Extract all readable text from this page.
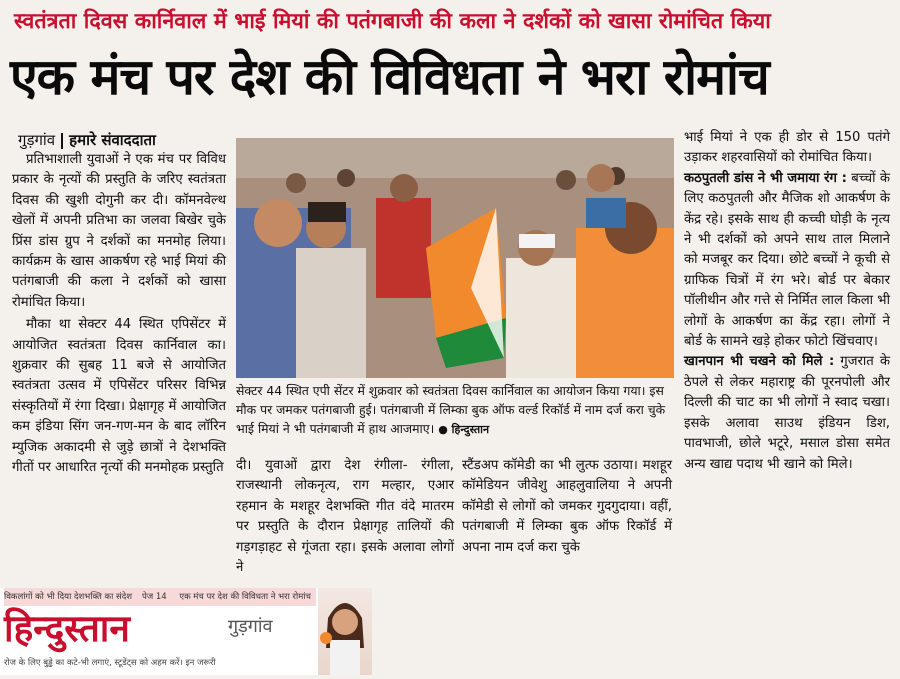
स्वतंत्रता दिवस कार्निवाल में भाई मियां की पतंगबाजी की कला ने दर्शकों को खासा रोमांचित किया
एक मंच पर देश की विविधता ने भरा रोमांच
गुड़गांव हमारे संवाददाता

प्रतिभाशाली युवाओं ने एक मंच पर विविध प्रकार के नृत्यों की प्रस्तुति के जरिए स्वतंत्रता दिवस की खुशी दोगुनी कर दी। कॉमनवेल्थ खेलों में अपनी प्रतिभा का जलवा बिखेर चुके प्रिंस डांस ग्रुप ने दर्शकों का मनमोह लिया। कार्यक्रम के खास आकर्षण रहे भाई मियां की पतंगबाजी की कला ने दर्शकों को खासा रोमांचित किया।

मौका था सेक्टर 44 स्थित एपिसेंटर में आयोजित स्वतंत्रता दिवस कार्निवाल का। शुक्रवार की सुबह 11 बजे से आयोजित स्वतंत्रता उत्सव में एपिसेंटर परिसर विभिन्न संस्कृतियों में रंगा दिखा। प्रेक्षागृह में आयोजित कम इंडिया सिंग जन-गण-मन के बाद लॉरिन म्युजिक अकादमी से जुड़े छात्रों ने देशभक्ति गीतों पर आधारित नृत्यों की मनमोहक प्रस्तुति

सेक्टर 44 स्थित एपी सेंटर में शुक्रवार को स्वतंत्रता दिवस कार्निवाल का आयोजन किया गया। इस मौक पर जमकर पतंगबाजी हुई। पतंगबाजी में लिम्का बुक ऑफ वर्ल्ड रिकॉर्ड में नाम दर्ज करा चुके भाई मियां ने भी पतंगबाजी में हाथ आजमाए। ● हिन्दुस्तान
दी। युवाओं द्वारा देश रंगीला- रंगीला, राजस्थानी लोकनृत्य, राग मल्हार, एआर रहमान के मशहूर देशभक्ति गीत वंदे मातरम पर प्रस्तुति के दौरान प्रेक्षागृह तालियों की गड़गड़ाहट से गूंजता रहा। इसके अलावा लोगों ने
स्टैंडअप कॉमेडी का भी लुत्फ उठाया। मशहूर कॉमेडियन जीवेशु आहलुवालिया ने अपनी कॉमेडी से लोगों को जमकर गुदगुदाया। वहीं, पतंगबाजी में लिम्का बुक ऑफ रिकॉर्ड में अपना नाम दर्ज करा चुके
भाई मियां ने एक ही डोर से 150 पतंगे उड़ाकर शहरवासियों को रोमांचित किया।
कठपुतली डांस ने भी जमाया रंग : बच्चों के लिए कठपुतली और मैजिक शो आकर्षण के केंद्र रहे। इसके साथ ही कच्ची घोड़ी के नृत्य ने भी दर्शकों को अपने साथ ताल मिलाने को मजबूर कर दिया। छोटे बच्चों ने कूची से ग्राफिक चित्रों में रंग भरे। बोर्ड पर बेकार पॉलीथीन और गत्ते से निर्मित लाल किला भी लोगों के आकर्षण का केंद्र रहा। लोगों ने बोर्ड के सामने खड़े होकर फोटो खिंचवाए।
खानपान भी चखने को मिले : गुजरात के ठेपले से लेकर महाराष्ट्र की पूरनपोली और दिल्ली की चाट का भी लोगों ने स्वाद चखा। इसके अलावा साउथ इंडियन डिश, पावभाजी, छोले भटूरे, मसाल डोसा समेत अन्य खाद्य पदाथ भी खाने को मिले।
विकलांगों को भी दिया देशभक्ति का संदेश पेज 14 एक मंच पर देश की विविधता ने भरा रोमांच
हिन्दुस्तान	गुड़गांव
रोज के लिए बुड्ढे का कटे-भी लगाएं, स्टूडेंट्स को अहम करें। इन जरूरी
